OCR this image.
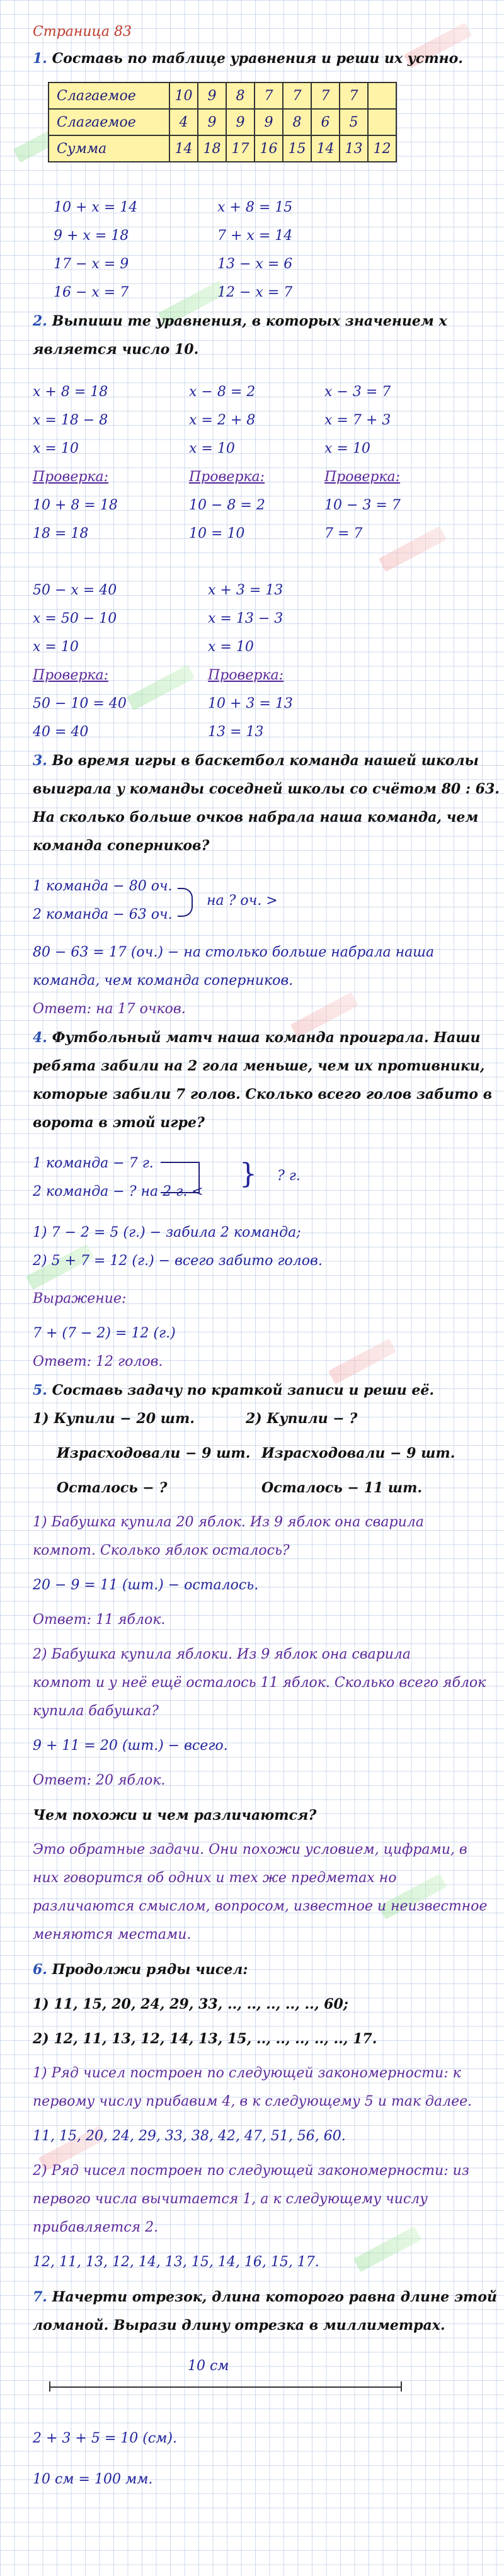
Страница 83
1. Составь по таблице уравнения и реши их устно.
Слагаемое	10	9	8	7	7	7	7	
Слагаемое	4	9	9	9	8	6	5	
Сумма	14	18	17	16	15	14	13	12
10 + x = 14
9 + x = 18
17 − x = 9
16 − x = 7
x + 8 = 15
7 + x = 14
13 − x = 6
12 − x = 7
2. Выпиши те уравнения, в которых значением x
является число 10.
x + 8 = 18
x = 18 − 8
x = 10
Проверка:
10 + 8 = 18
18 = 18
x − 8 = 2
x = 2 + 8
x = 10
Проверка:
10 − 8 = 2
10 = 10
x − 3 = 7
x = 7 + 3
x = 10
Проверка:
10 − 3 = 7
7 = 7
50 − x = 40
x = 50 − 10
x = 10
Проверка:
50 − 10 = 40
40 = 40
x + 3 = 13
x = 13 − 3
x = 10
Проверка:
10 + 3 = 13
13 = 13
3. Во время игры в баскетбол команда нашей школы
выиграла у команды соседней школы со счётом 80 : 63.
На сколько больше очков набрала наша команда, чем
команда соперников?
1 команда − 80 оч.
2 команда − 63 оч.
на ? оч. >
80 − 63 = 17 (оч.) − на столько больше набрала наша
команда, чем команда соперников.
Ответ: на 17 очков.
4. Футбольный матч наша команда проиграла. Наши
ребята забили на 2 гола меньше, чем их противники,
которые забили 7 голов. Сколько всего голов забито в
ворота в этой игре?
1 команда − 7 г.
2 команда − ? на 2 г. <
} ? г.
1) 7 − 2 = 5 (г.) − забила 2 команда;
2) 5 + 7 = 12 (г.) − всего забито голов.
Выражение:
7 + (7 − 2) = 12 (г.)
Ответ: 12 голов.
5. Составь задачу по краткой записи и реши её.
1) Купили − 20 шт.
Израсходовали − 9 шт.
Осталось − ?
2) Купили − ?
Израсходовали − 9 шт.
Осталось − 11 шт.
1) Бабушка купила 20 яблок. Из 9 яблок она сварила
компот. Сколько яблок осталось?
20 − 9 = 11 (шт.) − осталось.
Ответ: 11 яблок.
2) Бабушка купила яблоки. Из 9 яблок она сварила
компот и у неё ещё осталось 11 яблок. Сколько всего яблок
купила бабушка?
9 + 11 = 20 (шт.) − всего.
Ответ: 20 яблок.
Чем похожи и чем различаются?
Это обратные задачи. Они похожи условием, цифрами, в
них говорится об одних и тех же предметах но
различаются смыслом, вопросом, известное и неизвестное
меняются местами.
6. Продолжи ряды чисел:
1) 11, 15, 20, 24, 29, 33, .., .., .., .., .., 60;
2) 12, 11, 13, 12, 14, 13, 15, .., .., .., .., .., 17.
1) Ряд чисел построен по следующей закономерности: к
первому числу прибавим 4, в к следующему 5 и так далее.
11, 15, 20, 24, 29, 33, 38, 42, 47, 51, 56, 60.
2) Ряд чисел построен по следующей закономерности: из
первого числа вычитается 1, а к следующему числу
прибавляется 2.
12, 11, 13, 12, 14, 13, 15, 14, 16, 15, 17.
7. Начерти отрезок, длина которого равна длине этой
ломаной. Вырази длину отрезка в миллиметрах.
10 см
2 + 3 + 5 = 10 (см).
10 см = 100 мм.
